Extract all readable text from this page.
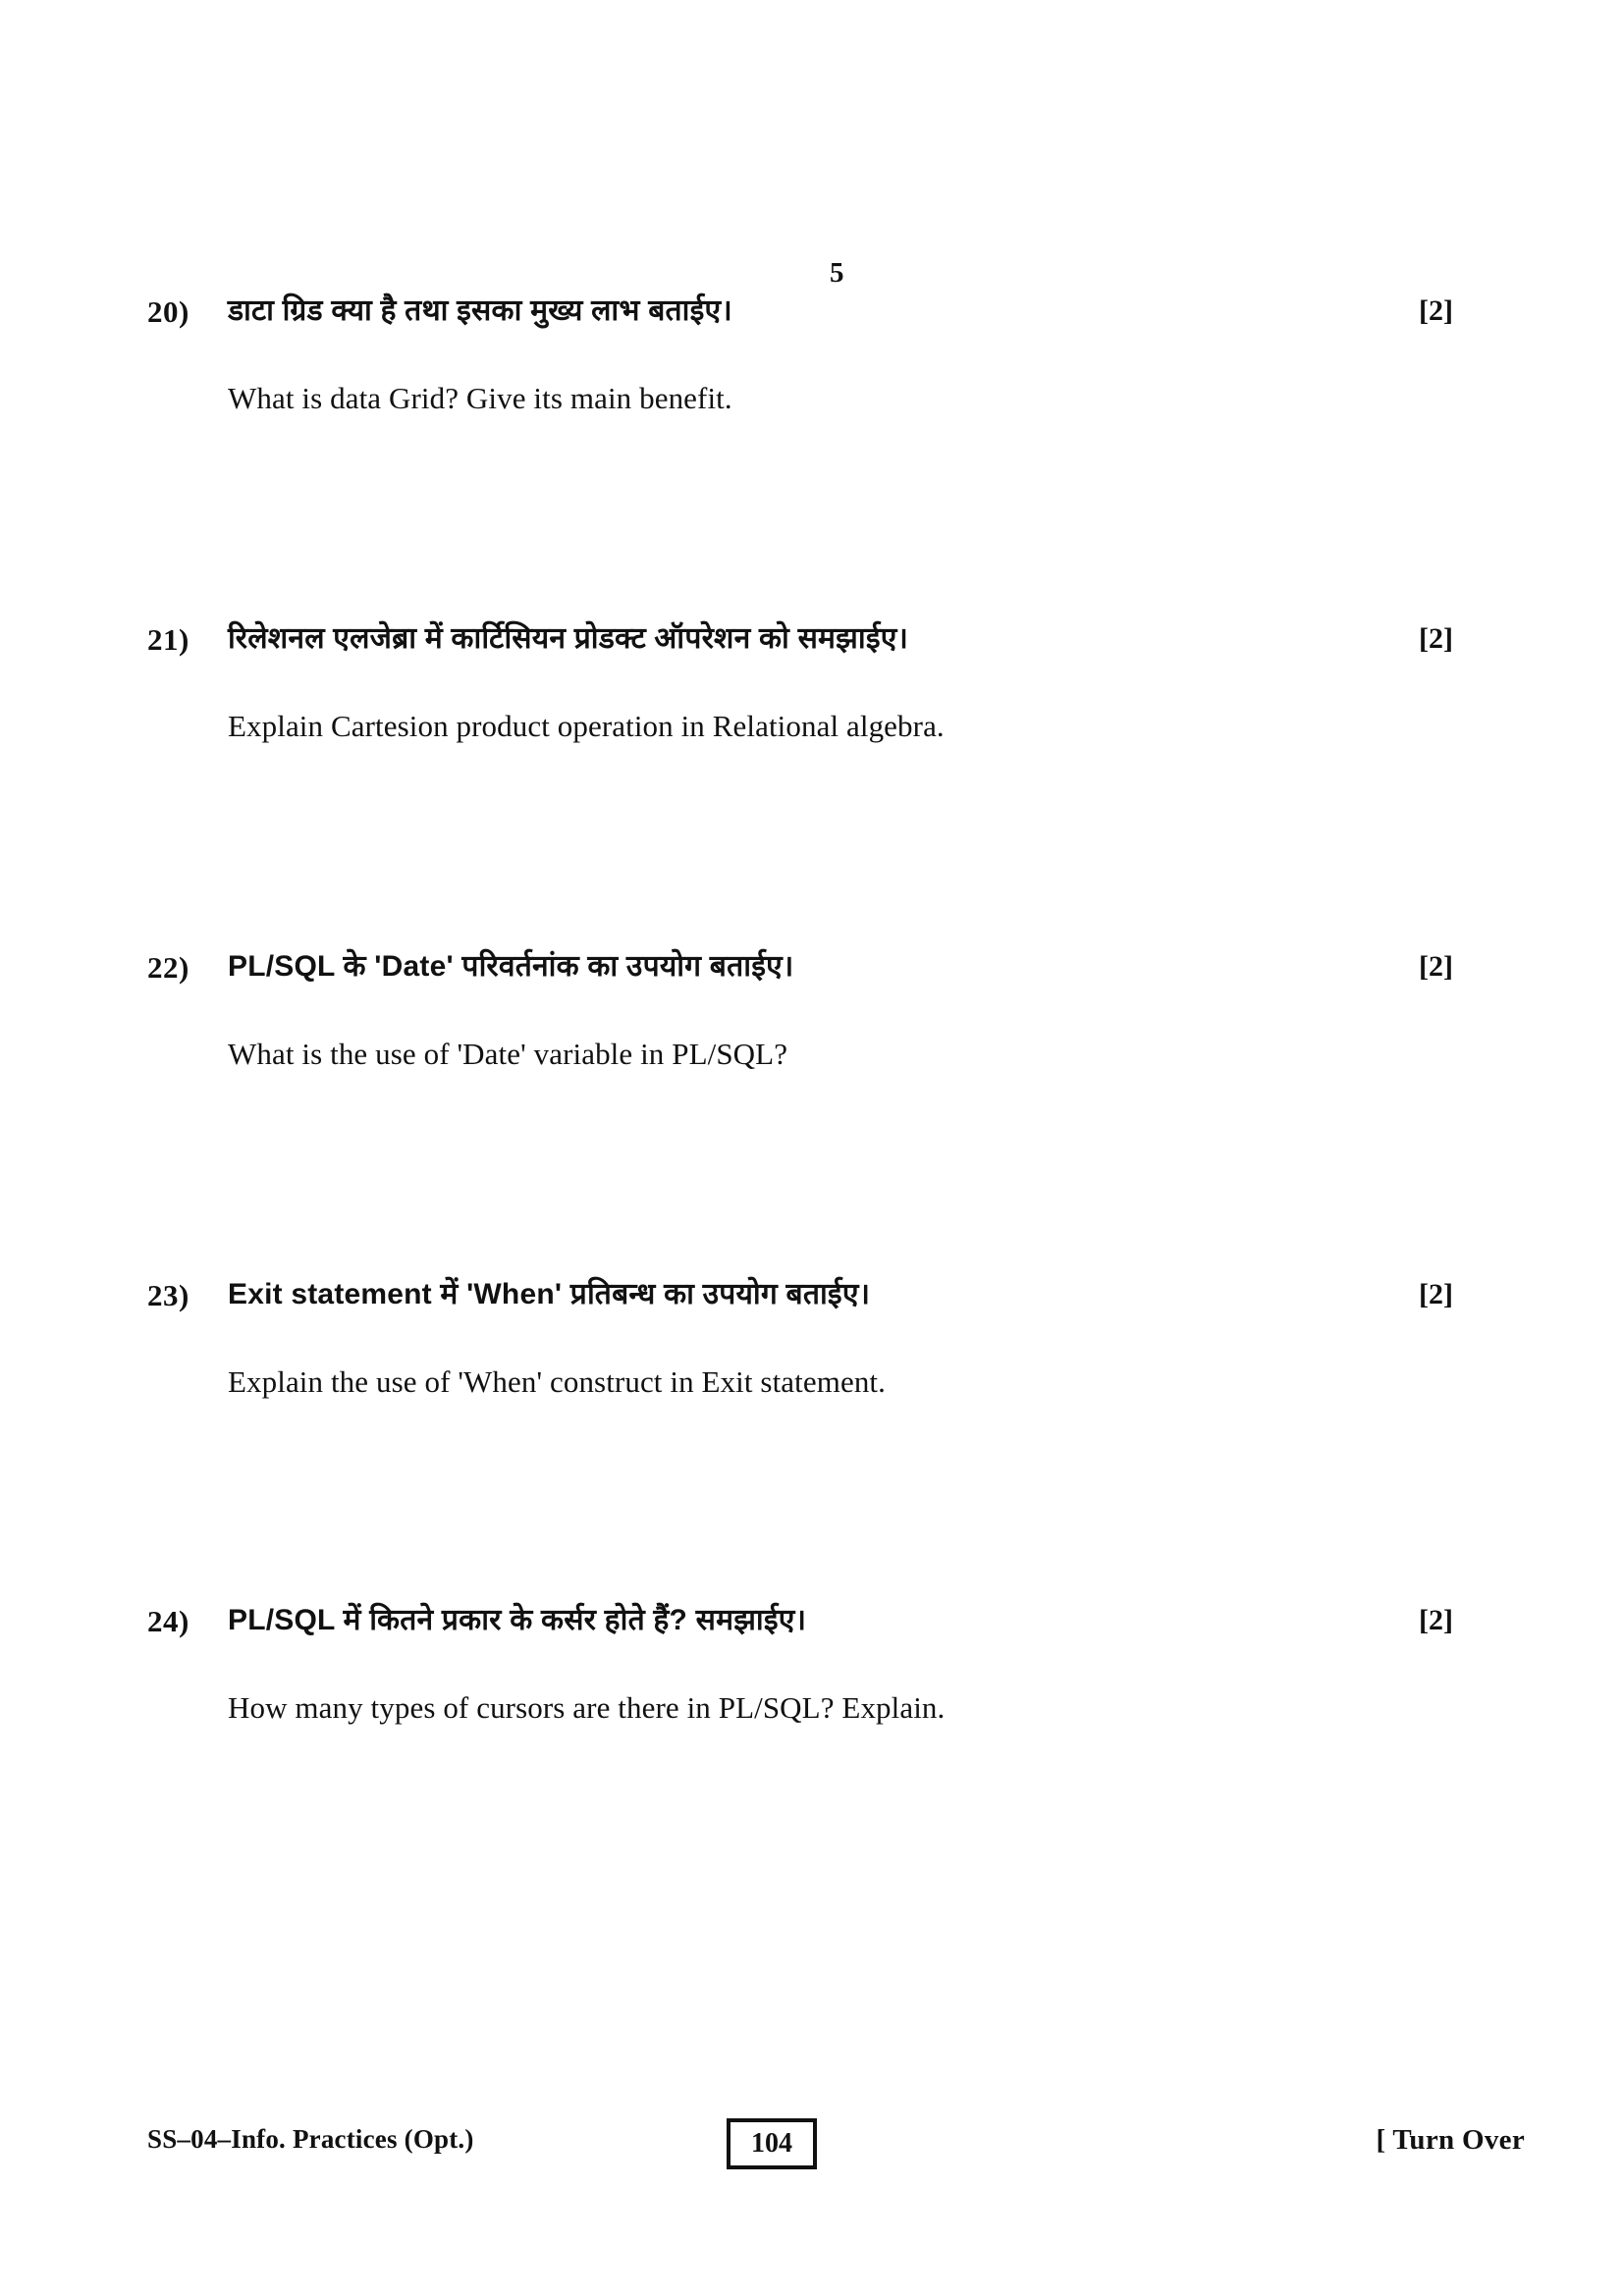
5
20)	डाटा ग्रिड क्या है तथा इसका मुख्य लाभ बताईए।	[2]
What is data Grid? Give its main benefit.
21)	रिलेशनल एलजेब्रा में कार्टिसियन प्रोडक्ट ऑपरेशन को समझाईए।	[2]
Explain Cartesion product operation in Relational algebra.
22)	PL/SQL के 'Date' परिवर्तनांक का उपयोग बताईए।	[2]
What is the use of 'Date' variable in PL/SQL?
23)	Exit statement में 'When' प्रतिबन्ध का उपयोग बताईए।	[2]
Explain the use of 'When' construct in Exit statement.
24)	PL/SQL में कितने प्रकार के कर्सर होते हैं? समझाईए।	[2]
How many types of cursors are there in PL/SQL? Explain.
SS–04–Info. Practices (Opt.)	104	[ Turn Over
